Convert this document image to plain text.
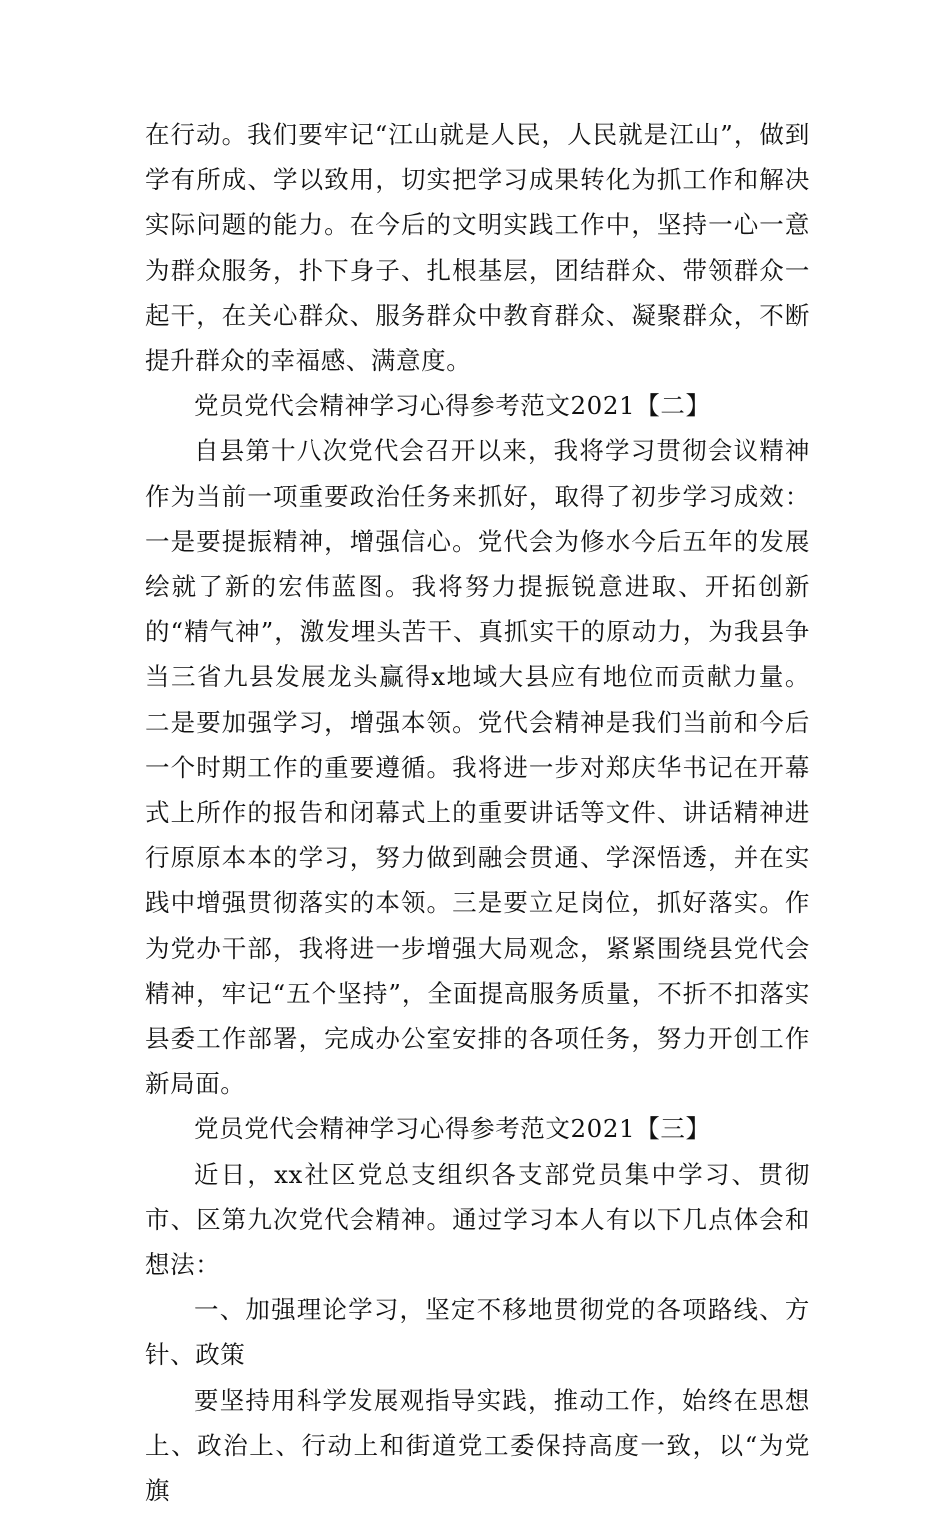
在行动。我们要牢记“江山就是人民，人民就是江山”，做到学有所成、学以致用，切实把学习成果转化为抓工作和解决实际问题的能力。在今后的文明实践工作中，坚持一心一意为群众服务，扑下身子、扎根基层，团结群众、带领群众一起干，在关心群众、服务群众中教育群众、凝聚群众，不断提升群众的幸福感、满意度。

党员党代会精神学习心得参考范文2021【二】

自县第十八次党代会召开以来，我将学习贯彻会议精神作为当前一项重要政治任务来抓好，取得了初步学习成效：一是要提振精神，增强信心。党代会为修水今后五年的发展绘就了新的宏伟蓝图。我将努力提振锐意进取、开拓创新的“精气神”，激发埋头苦干、真抓实干的原动力，为我县争当三省九县发展龙头赢得x地域大县应有地位而贡献力量。二是要加强学习，增强本领。党代会精神是我们当前和今后一个时期工作的重要遵循。我将进一步对郑庆华书记在开幕式上所作的报告和闭幕式上的重要讲话等文件、讲话精神进行原原本本的学习，努力做到融会贯通、学深悟透，并在实践中增强贯彻落实的本领。三是要立足岗位，抓好落实。作为党办干部，我将进一步增强大局观念，紧紧围绕县党代会精神，牢记“五个坚持”，全面提高服务质量，不折不扣落实县委工作部署，完成办公室安排的各项任务，努力开创工作新局面。

党员党代会精神学习心得参考范文2021【三】

近日，xx社区党总支组织各支部党员集中学习、贯彻市、区第九次党代会精神。通过学习本人有以下几点体会和想法：

一、加强理论学习，坚定不移地贯彻党的各项路线、方针、政策

要坚持用科学发展观指导实践，推动工作，始终在思想上、政治上、行动上和街道党工委保持高度一致，以“为党旗
